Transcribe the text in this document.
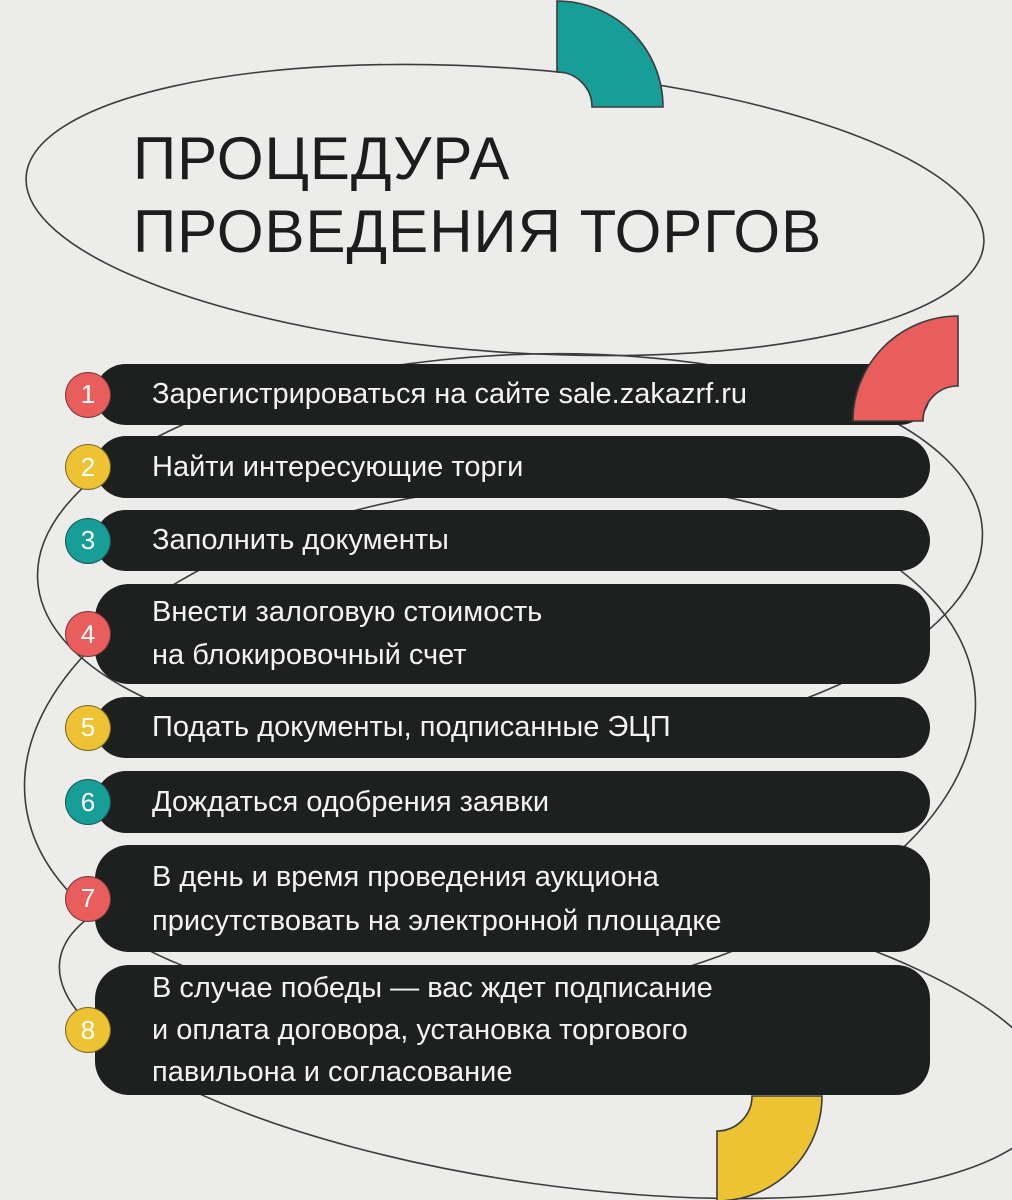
ПРОЦЕДУРА
ПРОВЕДЕНИЯ ТОРГОВ
1	Зарегистрироваться на сайте sale.zakazrf.ru
2	Найти интересующие торги
3	Заполнить документы
4
Внести залоговую стоимость
на блокировочный счет
5	Подать документы, подписанные ЭЦП
6	Дождаться одобрения заявки
7
В день и время проведения аукциона
присутствовать на электронной площадке
8
В случае победы — вас ждет подписание
и оплата договора, установка торгового
павильона и согласование
